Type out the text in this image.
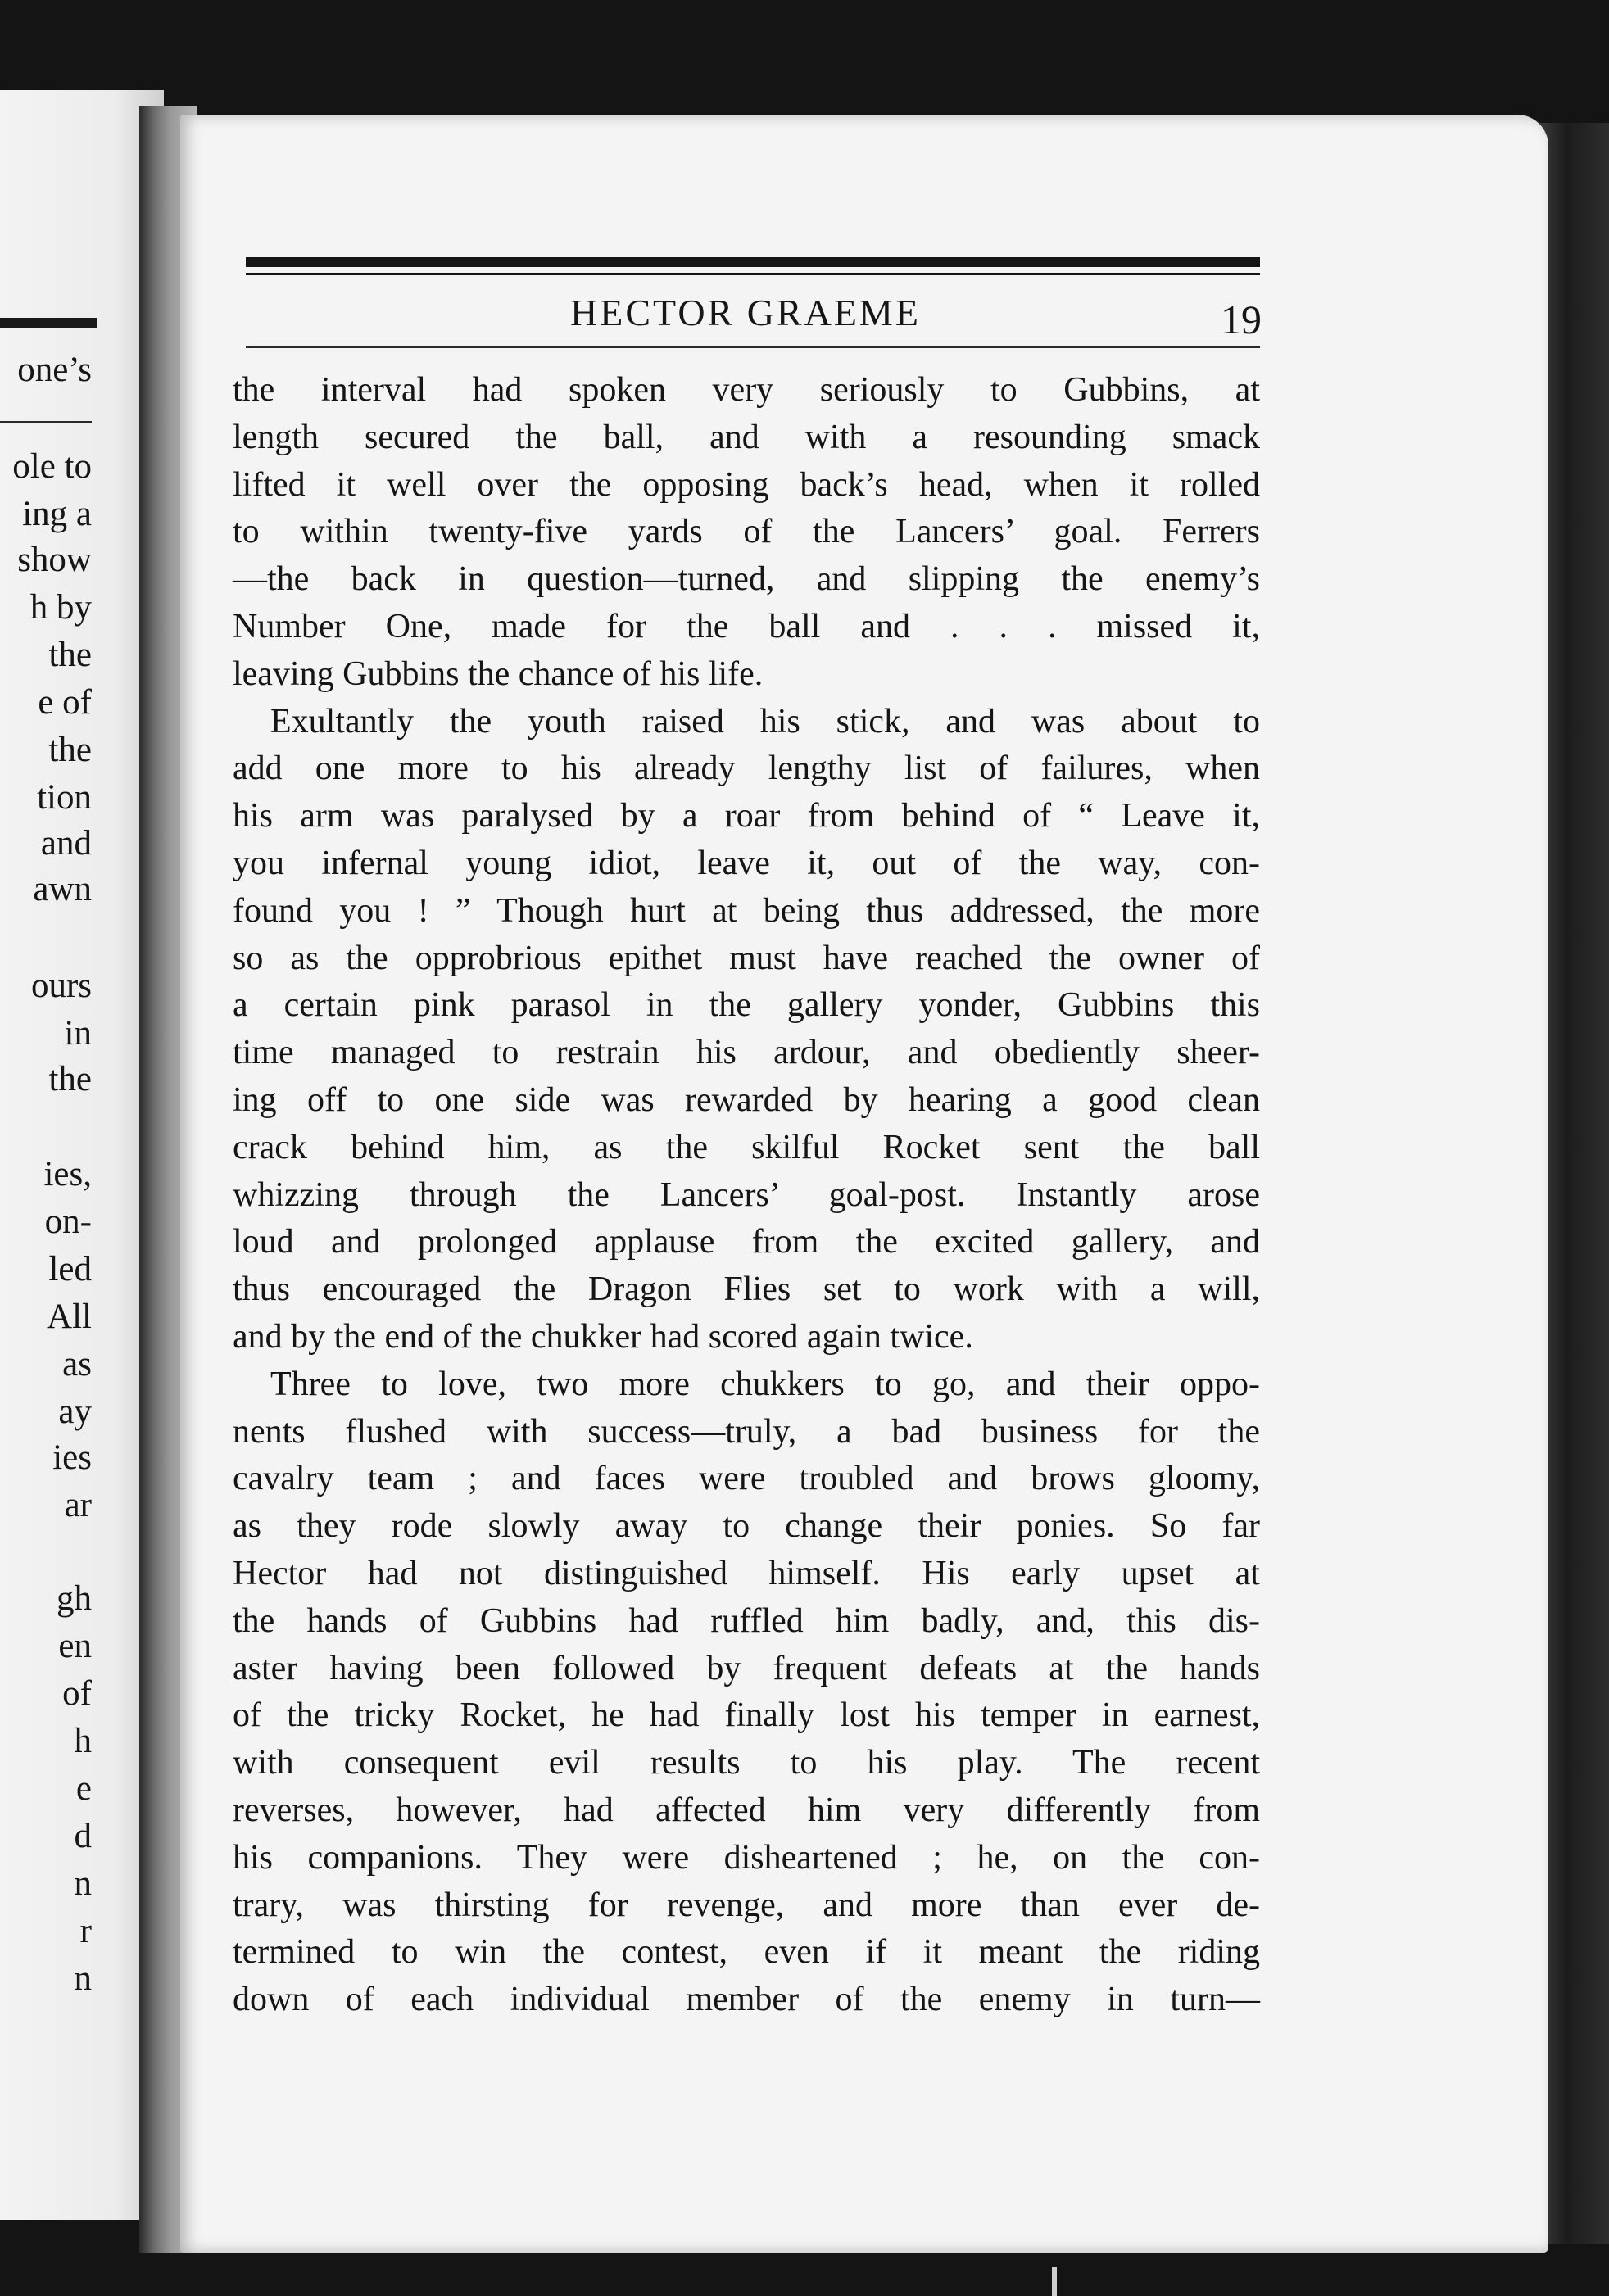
one’s
ole to
ing a
show
h by
the
e of
the
tion
and
awn
ours
in
the
ies,
on-
led
All
as
ay
ies
ar
gh
en
of
h
e
d
n
r
n
HECTOR GRAEME	19
the interval had spoken very seriously to Gubbins, at
length secured the ball, and with a resounding smack
lifted it well over the opposing back’s head, when it rolled
to within twenty-five yards of the Lancers’ goal. Ferrers
—the back in question—turned, and slipping the enemy’s
Number One, made for the ball and . . . missed it,
leaving Gubbins the chance of his life.
Exultantly the youth raised his stick, and was about to
add one more to his already lengthy list of failures, when
his arm was paralysed by a roar from behind of “ Leave it,
you infernal young idiot, leave it, out of the way, con-
found you ! ” Though hurt at being thus addressed, the more
so as the opprobrious epithet must have reached the owner of
a certain pink parasol in the gallery yonder, Gubbins this
time managed to restrain his ardour, and obediently sheer-
ing off to one side was rewarded by hearing a good clean
crack behind him, as the skilful Rocket sent the ball
whizzing through the Lancers’ goal-post. Instantly arose
loud and prolonged applause from the excited gallery, and
thus encouraged the Dragon Flies set to work with a will,
and by the end of the chukker had scored again twice.
Three to love, two more chukkers to go, and their oppo-
nents flushed with success—truly, a bad business for the
cavalry team ; and faces were troubled and brows gloomy,
as they rode slowly away to change their ponies. So far
Hector had not distinguished himself. His early upset at
the hands of Gubbins had ruffled him badly, and, this dis-
aster having been followed by frequent defeats at the hands
of the tricky Rocket, he had finally lost his temper in earnest,
with consequent evil results to his play. The recent
reverses, however, had affected him very differently from
his companions. They were disheartened ; he, on the con-
trary, was thirsting for revenge, and more than ever de-
termined to win the contest, even if it meant the riding
down of each individual member of the enemy in turn—
